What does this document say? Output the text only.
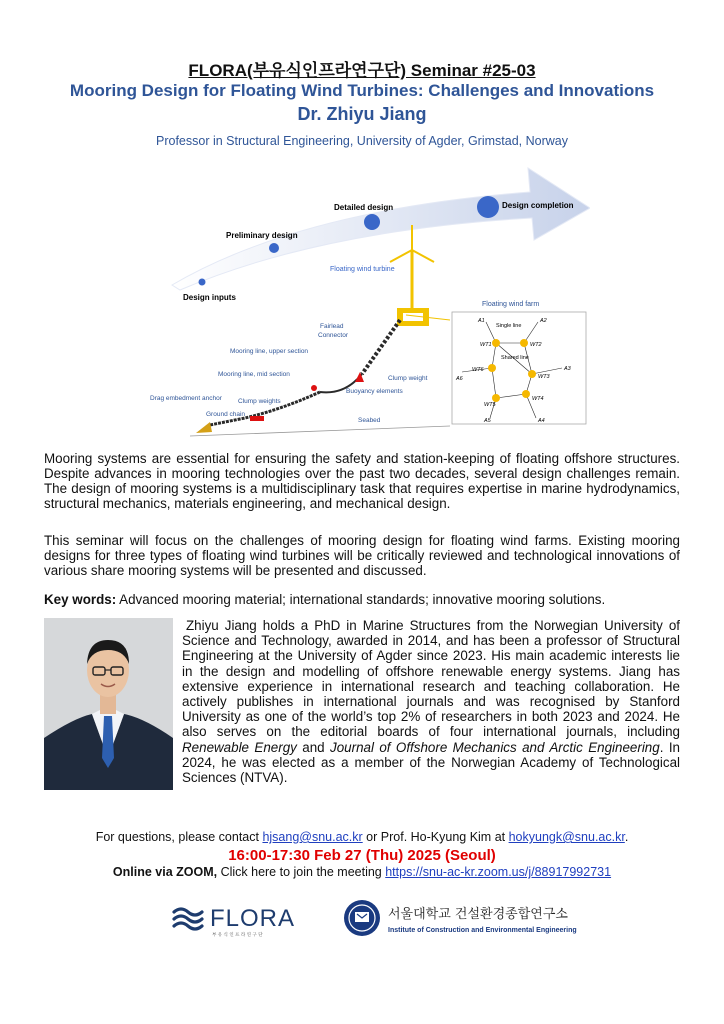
FLORA(부유식인프라연구단) Seminar #25-03
Mooring Design for Floating Wind Turbines: Challenges and Innovations
Dr. Zhiyu Jiang
Professor in Structural Engineering, University of Agder, Grimstad, Norway
Design inputs
Preliminary design
Detailed design	Design completion
Floating wind turbine
Fairlead
Connector
Mooring line, upper section
Mooring line, mid section
Clump weight
Buoyancy elements
Drag embedment anchor Clump weights
Ground chain
Seabed
Floating wind farm
Single line
Shared line
WT1	WT2
WT3
WT4
WT5
WT6
A1	A2
A3
A4
A5
A6

Mooring systems are essential for ensuring the safety and station-keeping of floating offshore structures. Despite advances in mooring technologies over the past two decades, several design challenges remain. The design of mooring systems is a multidisciplinary task that requires expertise in marine hydrodynamics, structural mechanics, materials engineering, and mechanical design.

This seminar will focus on the challenges of mooring design for floating wind farms. Existing mooring designs for three types of floating wind turbines will be critically reviewed and technological innovations of various share mooring systems will be presented and discussed.

Key words: Advanced mooring material; international standards; innovative mooring solutions.

Zhiyu Jiang holds a PhD in Marine Structures from the Norwegian University of Science and Technology, awarded in 2014, and has been a professor of Structural Engineering at the University of Agder since 2023. His main academic interests lie in the design and modelling of offshore renewable energy systems. Jiang has extensive experience in international research and teaching collaboration. He actively publishes in international journals and was recognised by Stanford University as one of the world’s top 2% of researchers in both 2023 and 2024. He also serves on the editorial boards of four international journals, including Renewable Energy and Journal of Offshore Mechanics and Arctic Engineering. In 2024, he was elected as a member of the Norwegian Academy of Technological Sciences (NTVA).

For questions, please contact hjsang@snu.ac.kr or Prof. Ho-Kyung Kim at hokyungk@snu.ac.kr.
16:00-17:30 Feb 27 (Thu) 2025 (Seoul)
Online via ZOOM, Click here to join the meeting https://snu-ac-kr.zoom.us/j/88917992731
FLORA
부 유 식 인 프 라 연 구 단
서울대학교 건설환경종합연구소
Institute of Construction and Environmental Engineering
